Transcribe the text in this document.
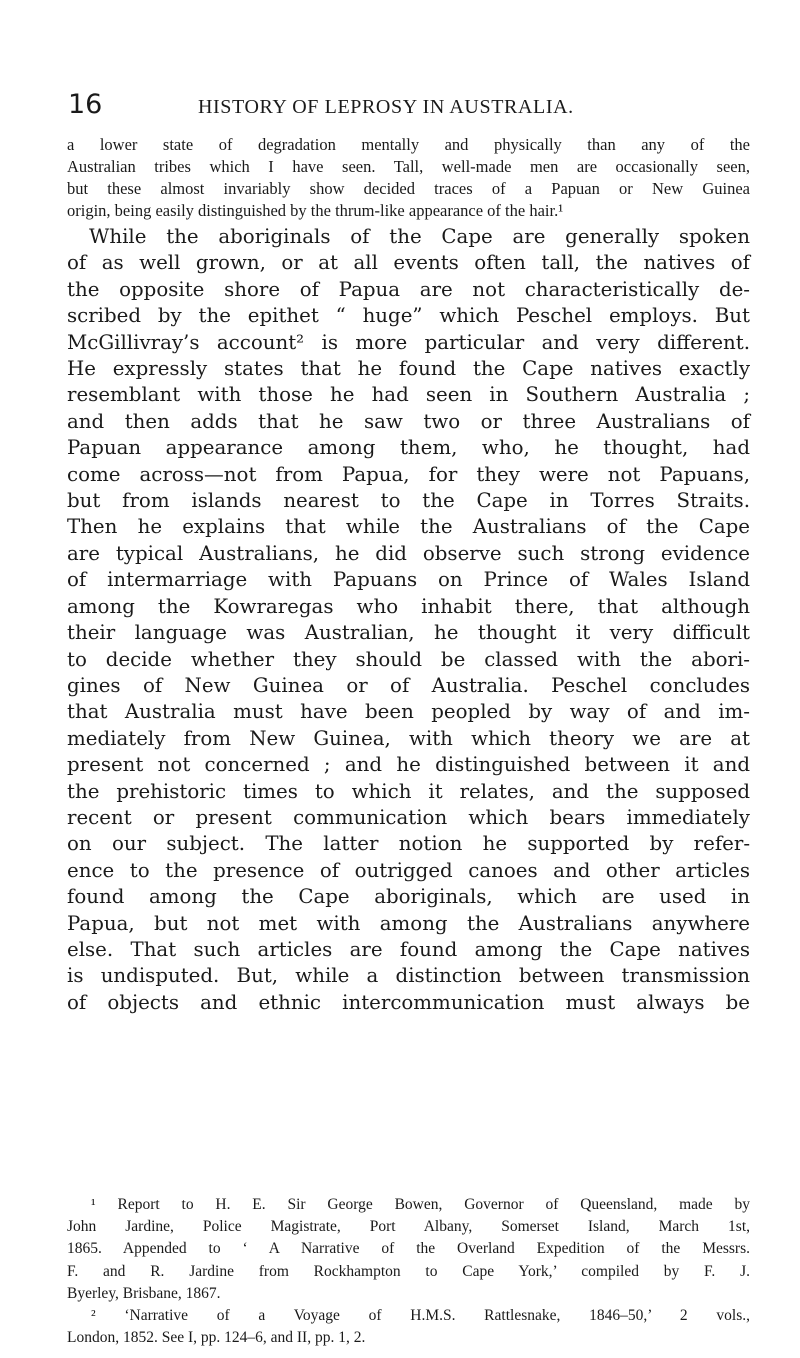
16	HISTORY OF LEPROSY IN AUSTRALIA.
a lower state of degradation mentally and physically than any of the
Australian tribes which I have seen. Tall, well-made men are occasionally seen,
but these almost invariably show decided traces of a Papuan or New Guinea
origin, being easily distinguished by the thrum-like appearance of the hair.¹
While the aboriginals of the Cape are generally spoken
of as well grown, or at all events often tall, the natives of
the opposite shore of Papua are not characteristically de-
scribed by the epithet “ huge” which Peschel employs. But
McGillivray’s account² is more particular and very different.
He expressly states that he found the Cape natives exactly
resemblant with those he had seen in Southern Australia ;
and then adds that he saw two or three Australians of
Papuan appearance among them, who, he thought, had
come across—not from Papua, for they were not Papuans,
but from islands nearest to the Cape in Torres Straits.
Then he explains that while the Australians of the Cape
are typical Australians, he did observe such strong evidence
of intermarriage with Papuans on Prince of Wales Island
among the Kowraregas who inhabit there, that although
their language was Australian, he thought it very difficult
to decide whether they should be classed with the abori-
gines of New Guinea or of Australia. Peschel concludes
that Australia must have been peopled by way of and im-
mediately from New Guinea, with which theory we are at
present not concerned ; and he distinguished between it and
the prehistoric times to which it relates, and the supposed
recent or present communication which bears immediately
on our subject. The latter notion he supported by refer-
ence to the presence of outrigged canoes and other articles
found among the Cape aboriginals, which are used in
Papua, but not met with among the Australians anywhere
else. That such articles are found among the Cape natives
is undisputed. But, while a distinction between transmission
of objects and ethnic intercommunication must always be
¹ Report to H. E. Sir George Bowen, Governor of Queensland, made by
John Jardine, Police Magistrate, Port Albany, Somerset Island, March 1st,
1865. Appended to ‘ A Narrative of the Overland Expedition of the Messrs.
F. and R. Jardine from Rockhampton to Cape York,’ compiled by F. J.
Byerley, Brisbane, 1867.
² ‘Narrative of a Voyage of H.M.S. Rattlesnake, 1846–50,’ 2 vols.,
London, 1852. See I, pp. 124–6, and II, pp. 1, 2.
